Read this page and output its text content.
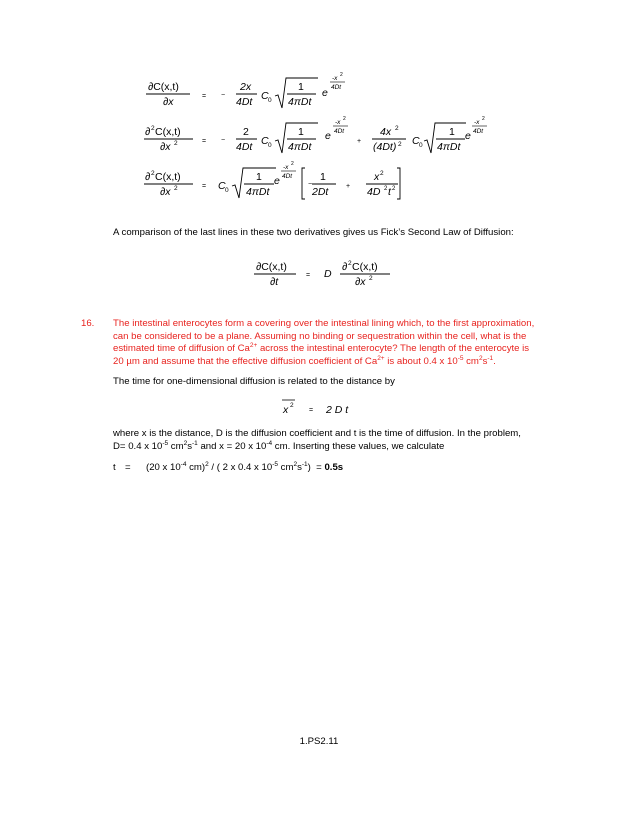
∂C(x,t)
∂x	= −
2x
4Dt C 0
1
4πDt
e
-x 2
4Dt
∂ 2 C(x,t)
∂x 2	= −
2
4Dt C 0
1
4πDt
e
-x 2
4Dt
+
4x 2
(4Dt) 2 C 0
1
4πDt
e
-x 2
4Dt
∂ 2 C(x,t)
∂x 2	= C 0
1
4πDt
e
-x 2
4Dt
−
1
2Dt	+
x 2
4D 2 t 2
∂C(x,t)
∂t
= D
∂ 2 C(x,t)
∂x 2
A comparison of the last lines in these two derivatives gives us Fick’s Second Law of Diffusion:
16. The intestinal enterocytes form a covering over the intestinal lining which, to the first approximation,
can be considered to be a plane. Assuming no binding or sequestration within the cell, what is the
estimated time of diffusion of $Ca^{2+}$ across the intestinal enterocyte? The length of the enterocyte is
20 µm and assume that the effective diffusion coefficient of $Ca^{2+}$ is about 0.4 x $10^{-5}$ $cm^2s^{-1}$.
The time for one-dimensional diffusion is related to the distance by
x 2
= 2 D t
where x is the distance, D is the diffusion coefficient and t is the time of diffusion. In the problem,
D= 0.4 x $10^{-5}$ $cm^2s^{-1}$ and x = 20 x $10^{-4}$ cm. Inserting these values, we calculate
t = (20 x $10^{-4}$ cm)$^2$ / ( 2 x 0.4 x $10^{-5}$ $cm^2s^{-1}) = 0.5s$
1.PS2.11
